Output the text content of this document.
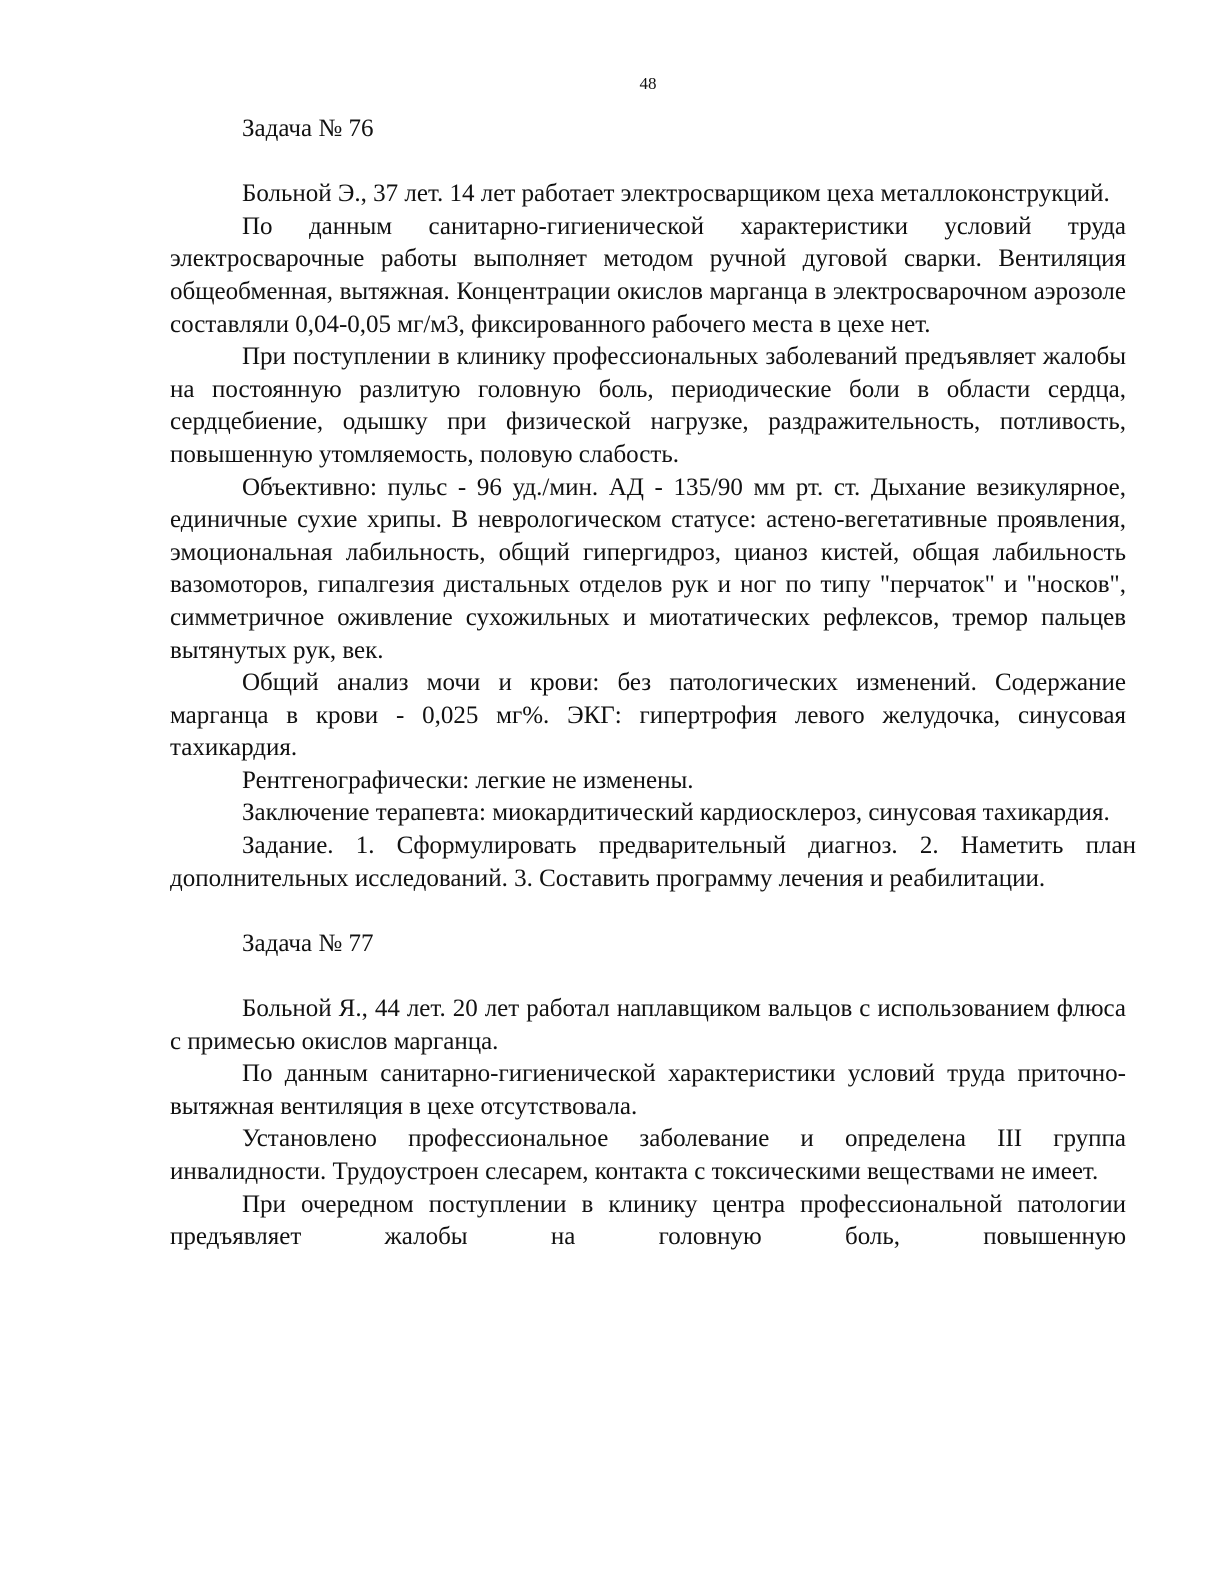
48

Задача № 76

Больной Э., 37 лет. 14 лет работает электросварщиком цеха металлоконструкций.

По данным санитарно-гигиенической характеристики условий труда электросварочные работы выполняет методом ручной дуговой сварки. Вентиляция общеобменная, вытяжная. Концентрации окислов марганца в электросварочном аэрозоле составляли 0,04-0,05 мг/м3, фиксированного рабочего места в цехе нет.

При поступлении в клинику профессиональных заболеваний предъявляет жалобы на постоянную разлитую головную боль, периодические боли в области сердца, сердцебиение, одышку при физической нагрузке, раздражительность, потливость, повышенную утомляемость, половую слабость.

Объективно: пульс - 96 уд./мин. АД - 135/90 мм рт. ст. Дыхание везикулярное, единичные сухие хрипы. В неврологическом статусе: астено-вегетативные проявления, эмоциональная лабильность, общий гипергидроз, цианоз кистей, общая лабильность вазомоторов, гипалгезия дистальных отделов рук и ног по типу "перчаток" и "носков", симметричное оживление сухожильных и миотатических рефлексов, тремор пальцев вытянутых рук, век.

Общий анализ мочи и крови: без патологических изменений. Содержание марганца в крови - 0,025 мг%. ЭКГ: гипертрофия левого желудочка, синусовая тахикардия.

Рентгенографически: легкие не изменены.

Заключение терапевта: миокардитический кардиосклероз, синусовая тахикардия.

Задание. 1. Сформулировать предварительный диагноз. 2. Наметить план дополнительных исследований. 3. Составить программу лечения и реабилитации.

Задача № 77

Больной Я., 44 лет. 20 лет работал наплавщиком вальцов с использованием флюса с примесью окислов марганца.

По данным санитарно-гигиенической характеристики условий труда приточно-вытяжная вентиляция в цехе отсутствовала.

Установлено профессиональное заболевание и определена III группа инвалидности. Трудоустроен слесарем, контакта с токсическими веществами не имеет.

При очередном поступлении в клинику центра профессиональной патологии предъявляет жалобы на головную боль, повышенную
